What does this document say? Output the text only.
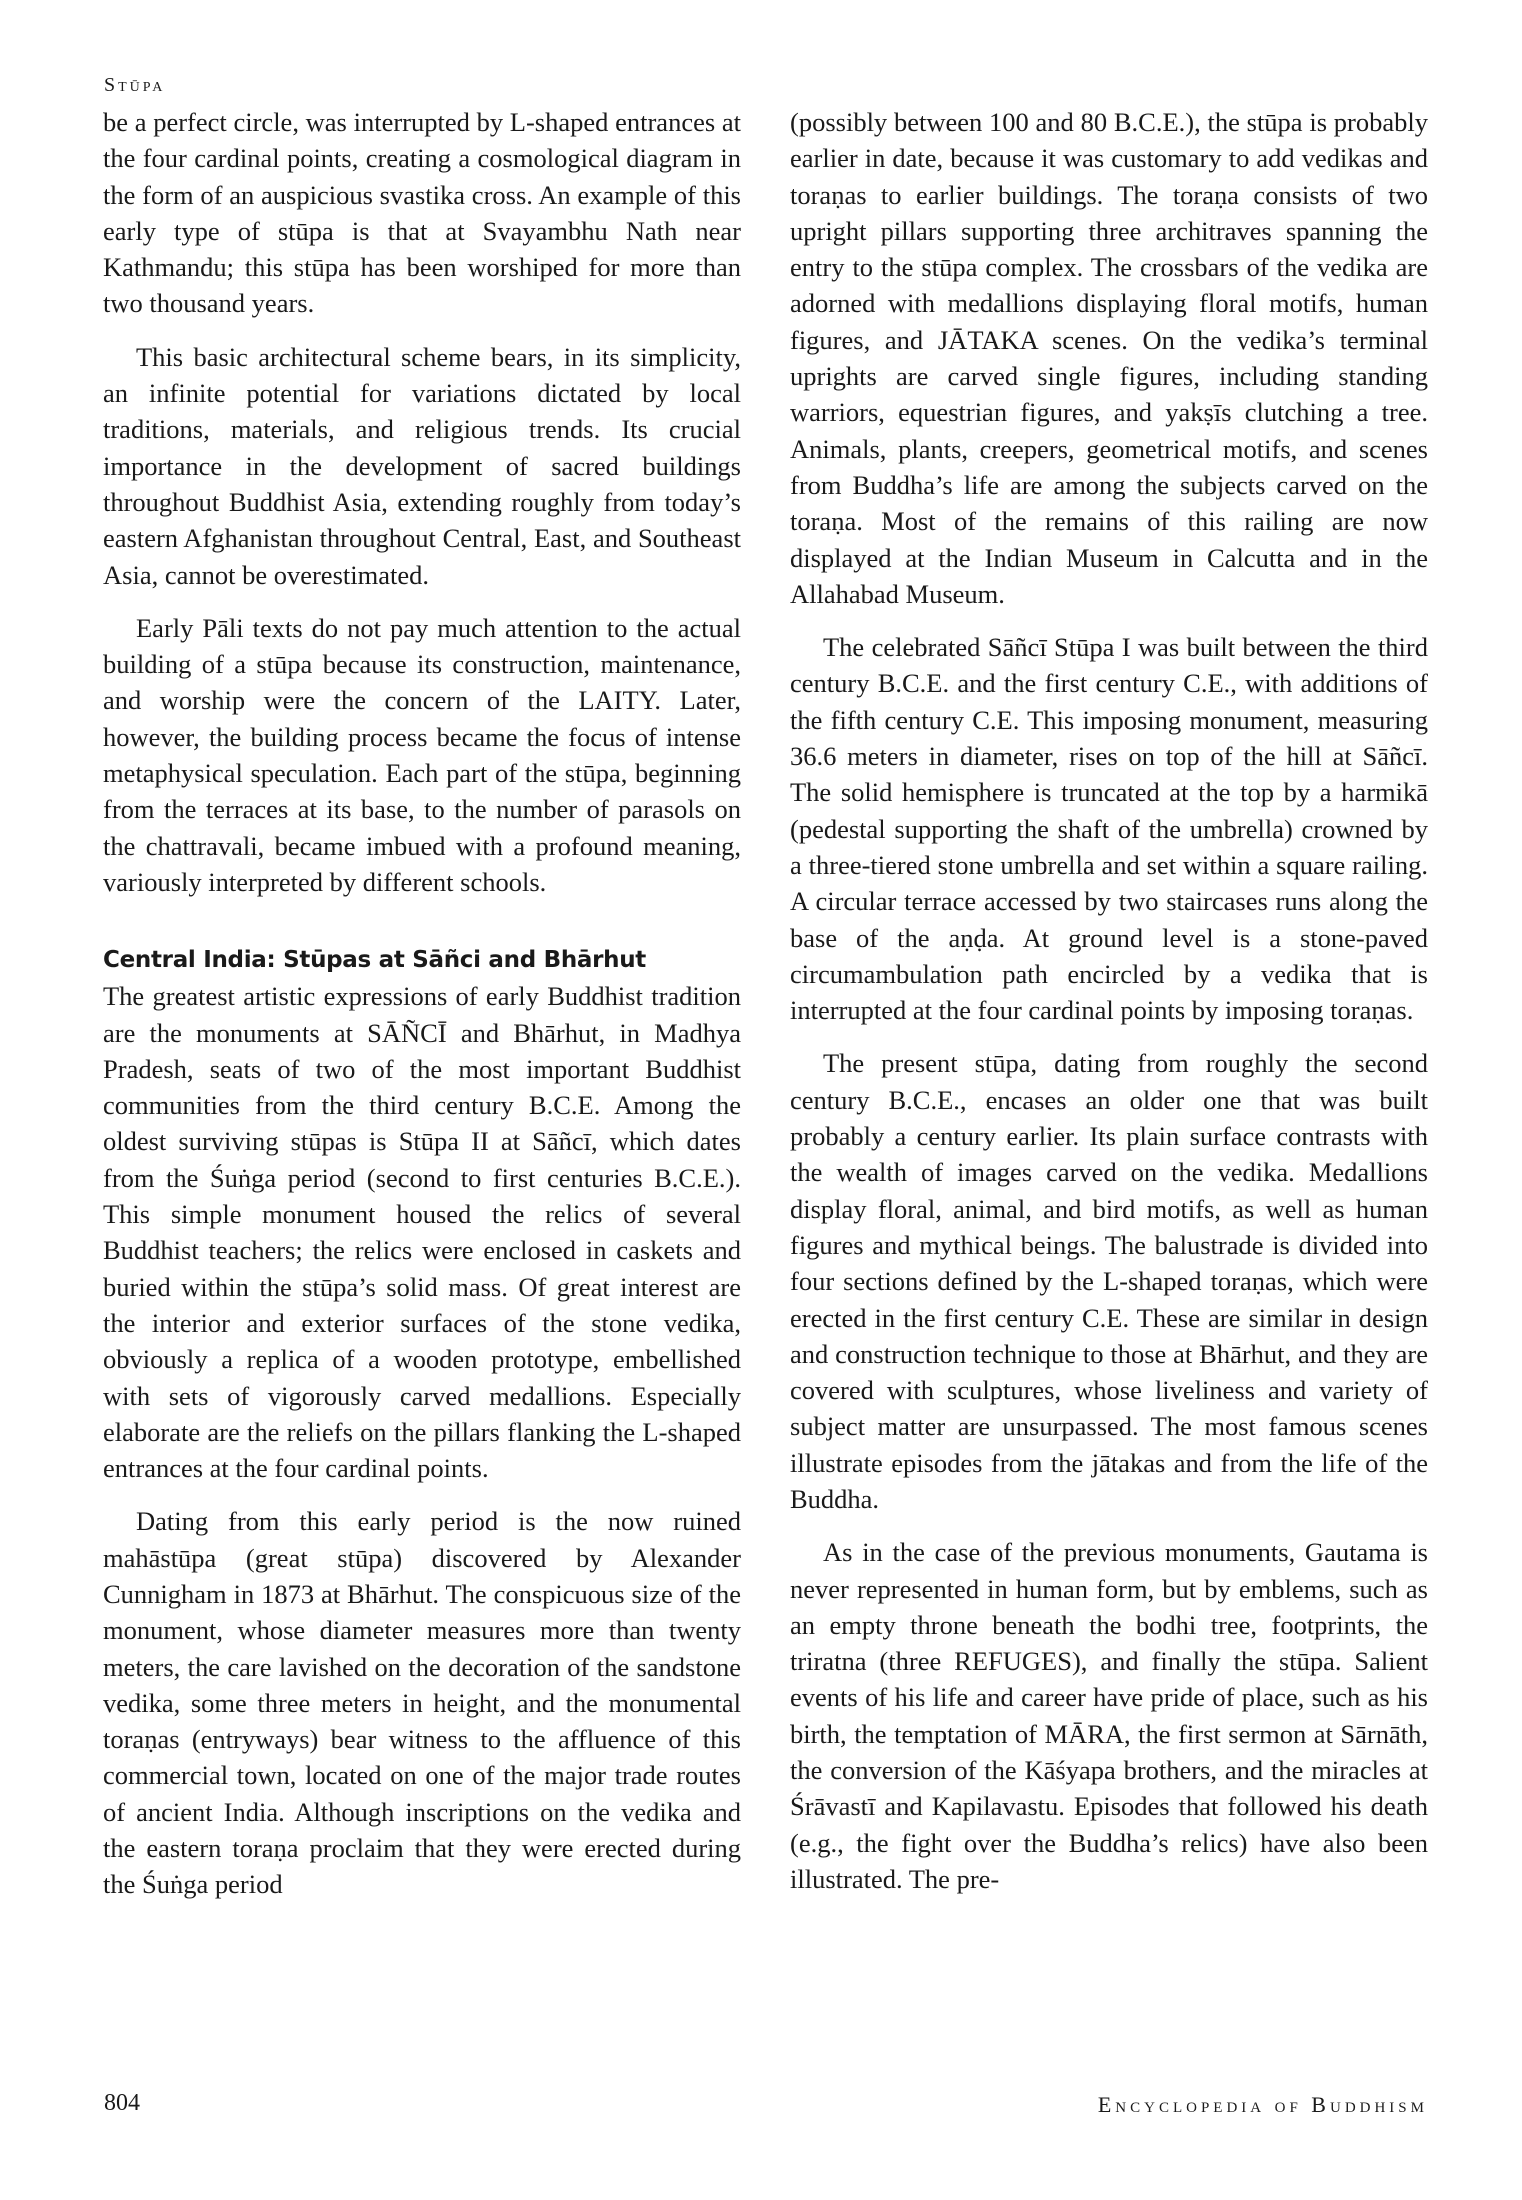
Stūpa

be a perfect circle, was interrupted by L-shaped entrances at the four cardinal points, creating a cosmological diagram in the form of an auspicious svastika cross. An example of this early type of stūpa is that at Svayambhu Nath near Kathmandu; this stūpa has been worshiped for more than two thousand years.

This basic architectural scheme bears, in its simplicity, an infinite potential for variations dictated by local traditions, materials, and religious trends. Its crucial importance in the development of sacred buildings throughout Buddhist Asia, extending roughly from today’s eastern Afghanistan throughout Central, East, and Southeast Asia, cannot be overestimated.

Early Pāli texts do not pay much attention to the actual building of a stūpa because its construction, maintenance, and worship were the concern of the LAITY. Later, however, the building process became the focus of intense metaphysical speculation. Each part of the stūpa, beginning from the terraces at its base, to the number of parasols on the chattravali, became imbued with a profound meaning, variously interpreted by different schools.

Central India: Stūpas at Sāñci and Bhārhut

The greatest artistic expressions of early Buddhist tradition are the monuments at SĀÑCĪ and Bhārhut, in Madhya Pradesh, seats of two of the most important Buddhist communities from the third century B.C.E. Among the oldest surviving stūpas is Stūpa II at Sāñcī, which dates from the Śuṅga period (second to first centuries B.C.E.). This simple monument housed the relics of several Buddhist teachers; the relics were enclosed in caskets and buried within the stūpa’s solid mass. Of great interest are the interior and exterior surfaces of the stone vedika, obviously a replica of a wooden prototype, embellished with sets of vigorously carved medallions. Especially elaborate are the reliefs on the pillars flanking the L-shaped entrances at the four cardinal points.

Dating from this early period is the now ruined mahāstūpa (great stūpa) discovered by Alexander Cunnigham in 1873 at Bhārhut. The conspicuous size of the monument, whose diameter measures more than twenty meters, the care lavished on the decoration of the sandstone vedika, some three meters in height, and the monumental toraṇas (entryways) bear witness to the affluence of this commercial town, located on one of the major trade routes of ancient India. Although inscriptions on the vedika and the eastern toraṇa proclaim that they were erected during the Śuṅga period

(possibly between 100 and 80 B.C.E.), the stūpa is probably earlier in date, because it was customary to add vedikas and toraṇas to earlier buildings. The toraṇa consists of two upright pillars supporting three architraves spanning the entry to the stūpa complex. The crossbars of the vedika are adorned with medallions displaying floral motifs, human figures, and JĀTAKA scenes. On the vedika’s terminal uprights are carved single figures, including standing warriors, equestrian figures, and yakṣīs clutching a tree. Animals, plants, creepers, geometrical motifs, and scenes from Buddha’s life are among the subjects carved on the toraṇa. Most of the remains of this railing are now displayed at the Indian Museum in Calcutta and in the Allahabad Museum.

The celebrated Sāñcī Stūpa I was built between the third century B.C.E. and the first century C.E., with additions of the fifth century C.E. This imposing monument, measuring 36.6 meters in diameter, rises on top of the hill at Sāñcī. The solid hemisphere is truncated at the top by a harmikā (pedestal supporting the shaft of the umbrella) crowned by a three-tiered stone umbrella and set within a square railing. A circular terrace accessed by two staircases runs along the base of the aṇḍa. At ground level is a stone-paved circumambulation path encircled by a vedika that is interrupted at the four cardinal points by imposing toraṇas.

The present stūpa, dating from roughly the second century B.C.E., encases an older one that was built probably a century earlier. Its plain surface contrasts with the wealth of images carved on the vedika. Medallions display floral, animal, and bird motifs, as well as human figures and mythical beings. The balustrade is divided into four sections defined by the L-shaped toraṇas, which were erected in the first century C.E. These are similar in design and construction technique to those at Bhārhut, and they are covered with sculptures, whose liveliness and variety of subject matter are unsurpassed. The most famous scenes illustrate episodes from the jātakas and from the life of the Buddha.

As in the case of the previous monuments, Gautama is never represented in human form, but by emblems, such as an empty throne beneath the bodhi tree, footprints, the triratna (three REFUGES), and finally the stūpa. Salient events of his life and career have pride of place, such as his birth, the temptation of MĀRA, the first sermon at Sārnāth, the conversion of the Kāśyapa brothers, and the miracles at Śrāvastī and Kapilavastu. Episodes that followed his death (e.g., the fight over the Buddha’s relics) have also been illustrated. The pre-

804	Encyclopedia of Buddhism
